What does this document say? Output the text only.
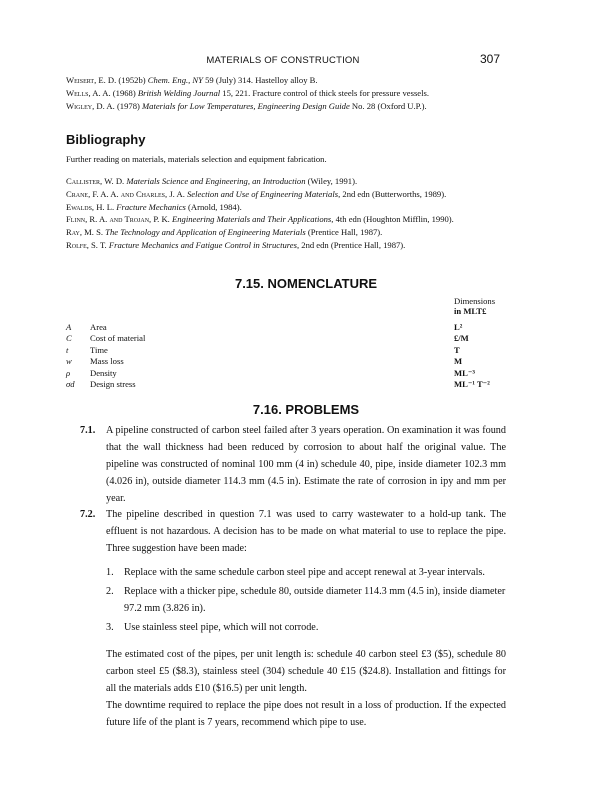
MATERIALS OF CONSTRUCTION	307
Weisert, E. D. (1952b) Chem. Eng., NY 59 (July) 314. Hastelloy alloy B.
Wells, A. A. (1968) British Welding Journal 15, 221. Fracture control of thick steels for pressure vessels.
Wigley, D. A. (1978) Materials for Low Temperatures, Engineering Design Guide No. 28 (Oxford U.P.).
Bibliography
Further reading on materials, materials selection and equipment fabrication.
Callister, W. D. Materials Science and Engineering, an Introduction (Wiley, 1991).
Crane, F. A. A. and Charles, J. A. Selection and Use of Engineering Materials, 2nd edn (Butterworths, 1989).
Ewalds, H. L. Fracture Mechanics (Arnold, 1984).
Flinn, R. A. and Trojan, P. K. Engineering Materials and Their Applications, 4th edn (Houghton Mifflin, 1990).
Ray, M. S. The Technology and Application of Engineering Materials (Prentice Hall, 1987).
Rolfe, S. T. Fracture Mechanics and Fatigue Control in Structures, 2nd edn (Prentice Hall, 1987).
7.15. NOMENCLATURE
Dimensions
in MLT£
A Area	L²
C Cost of material	£/M
t	Time	T
w Mass loss	M
ρ Density	ML⁻³
σd Design stress	ML⁻¹ T⁻²
7.16. PROBLEMS
7.1. A pipeline constructed of carbon steel failed after 3 years operation. On examination it was found that the wall thickness had been reduced by corrosion to about half the original value. The pipeline was constructed of nominal 100 mm (4 in) schedule 40, pipe, inside diameter 102.3 mm (4.026 in), outside diameter 114.3 mm (4.5 in). Estimate the rate of corrosion in ipy and mm per year.
7.2. The pipeline described in question 7.1 was used to carry wastewater to a hold-up tank. The effluent is not hazardous. A decision has to be made on what material to use to replace the pipe. Three suggestion have been made:
1. Replace with the same schedule carbon steel pipe and accept renewal at 3-year intervals.
2. Replace with a thicker pipe, schedule 80, outside diameter 114.3 mm (4.5 in), inside diameter 97.2 mm (3.826 in).
3. Use stainless steel pipe, which will not corrode.
The estimated cost of the pipes, per unit length is: schedule 40 carbon steel £3 ($5), schedule 80 carbon steel £5 ($8.3), stainless steel (304) schedule 40 £15 ($24.8). Installation and fittings for all the materials adds £10 ($16.5) per unit length.
The downtime required to replace the pipe does not result in a loss of production. If the expected future life of the plant is 7 years, recommend which pipe to use.
